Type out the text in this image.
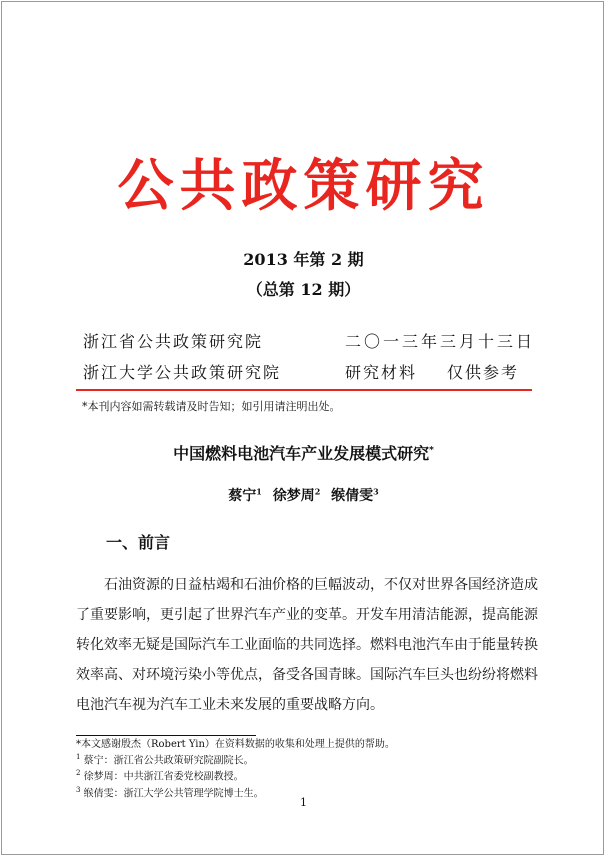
公共政策研究
2013 年第 2 期
（总第 12 期）
浙江省公共政策研究院	二〇一三年三月十三日
浙江大学公共政策研究院	研究材料 仅供参考
*本刊内容如需转载请及时告知；如引用请注明出处。
中国燃料电池汽车产业发展模式研究*
蔡宁$^1$ 徐梦周$^2$ 缑倩雯$^3$
一、前言
石油资源的日益枯竭和石油价格的巨幅波动，不仅对世界各国经济造成
了重要影响，更引起了世界汽车产业的变革。开发车用清洁能源，提高能源
转化效率无疑是国际汽车工业面临的共同选择。燃料电池汽车由于能量转换
效率高、对环境污染小等优点，备受各国青睐。国际汽车巨头也纷纷将燃料
电池汽车视为汽车工业未来发展的重要战略方向。
*本文感谢殷杰（Robert Yin）在资料数据的收集和处理上提供的帮助。
$^1$ 蔡宁：浙江省公共政策研究院副院长。
$^2$ 徐梦周：中共浙江省委党校副教授。
$^3$ 缑倩雯：浙江大学公共管理学院博士生。
1
